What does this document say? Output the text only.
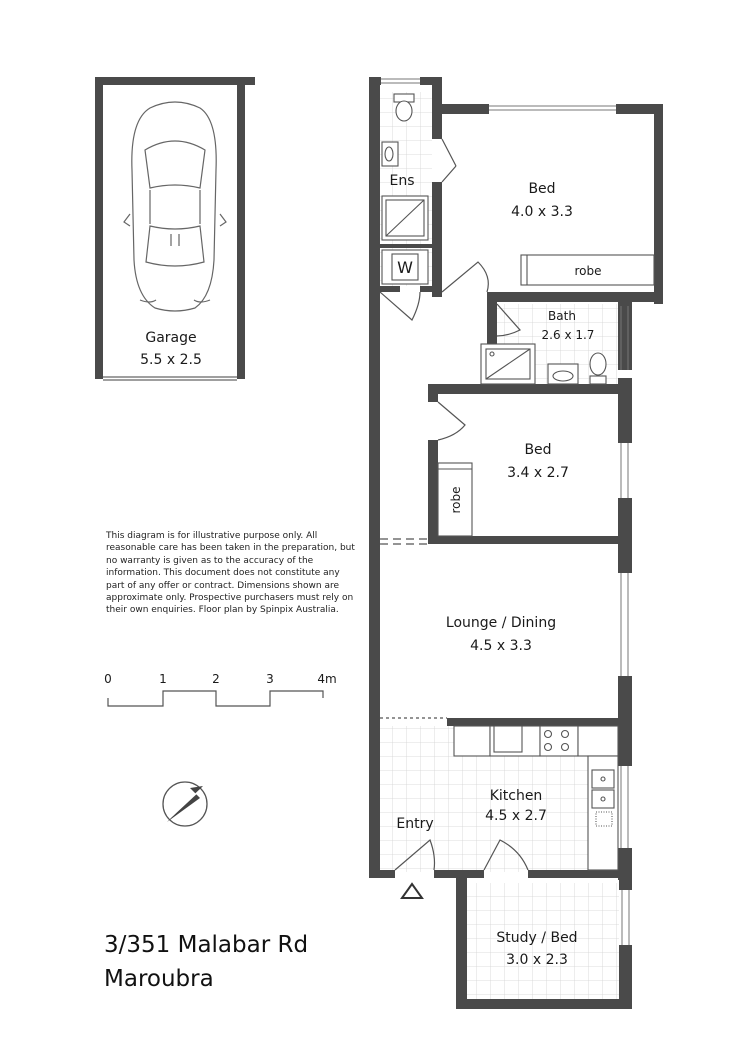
Garage
5.5 x 2.5
Ens
W
Bed
4.0 x 3.3
robe
Bath
2.6 x 1.7
Bed
3.4 x 2.7
robe
Lounge / Dining
4.5 x 3.3
Kitchen
4.5 x 2.7
Entry
Study / Bed
3.0 x 2.3
0	1	2	3	4m

This diagram is for illustrative purpose only. All reasonable care has been taken in the preparation, but no warranty is given as to the accuracy of the information. This document does not constitute any part of any offer or contract. Dimensions shown are approximate only. Prospective purchasers must rely on their own enquiries. Floor plan by Spinpix Australia.

3/351 Malabar Rd
Maroubra
